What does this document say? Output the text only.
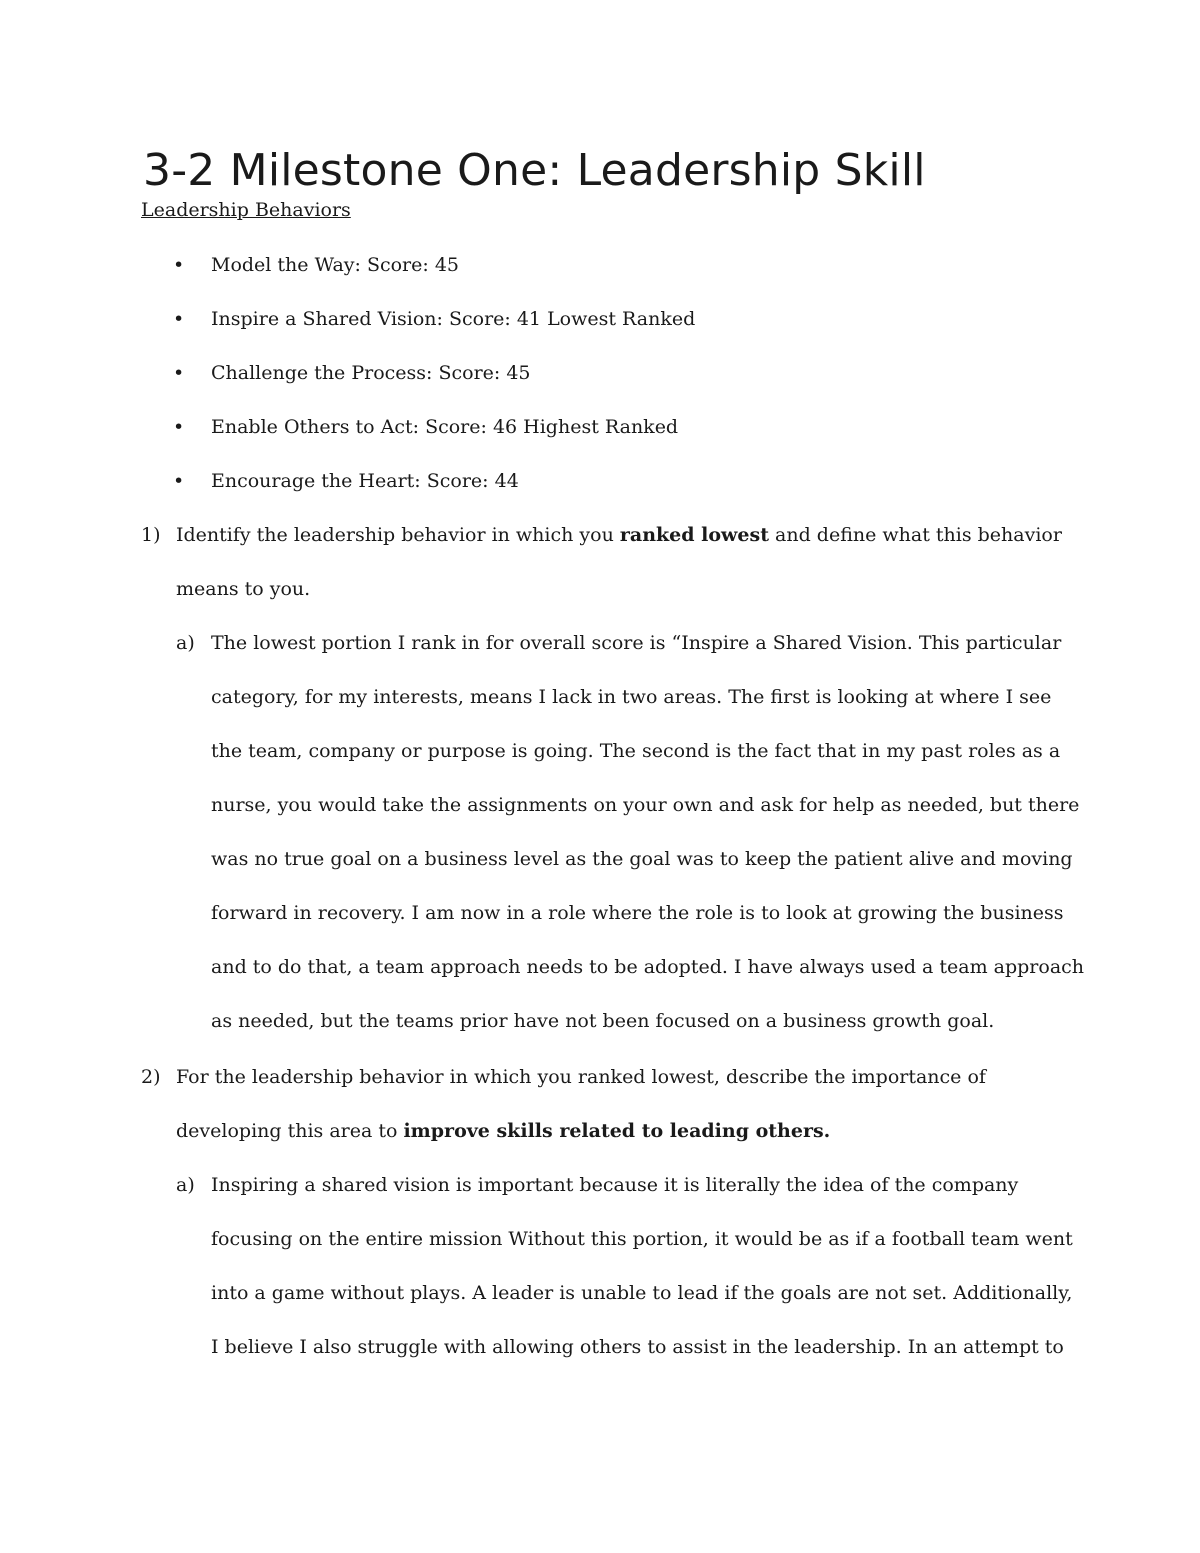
3-2 Milestone One: Leadership Skill
Leadership Behaviors
• Model the Way: Score: 45
• Inspire a Shared Vision: Score: 41 Lowest Ranked
• Challenge the Process: Score: 45
• Enable Others to Act: Score: 46 Highest Ranked
• Encourage the Heart: Score: 44
1) Identify the leadership behavior in which you ranked lowest and define what this behavior
means to you.
a) The lowest portion I rank in for overall score is “Inspire a Shared Vision. This particular
category, for my interests, means I lack in two areas. The first is looking at where I see
the team, company or purpose is going. The second is the fact that in my past roles as a
nurse, you would take the assignments on your own and ask for help as needed, but there
was no true goal on a business level as the goal was to keep the patient alive and moving
forward in recovery. I am now in a role where the role is to look at growing the business
and to do that, a team approach needs to be adopted. I have always used a team approach
as needed, but the teams prior have not been focused on a business growth goal.
2) For the leadership behavior in which you ranked lowest, describe the importance of
developing this area to improve skills related to leading others.
a) Inspiring a shared vision is important because it is literally the idea of the company
focusing on the entire mission Without this portion, it would be as if a football team went
into a game without plays. A leader is unable to lead if the goals are not set. Additionally,
I believe I also struggle with allowing others to assist in the leadership. In an attempt to
